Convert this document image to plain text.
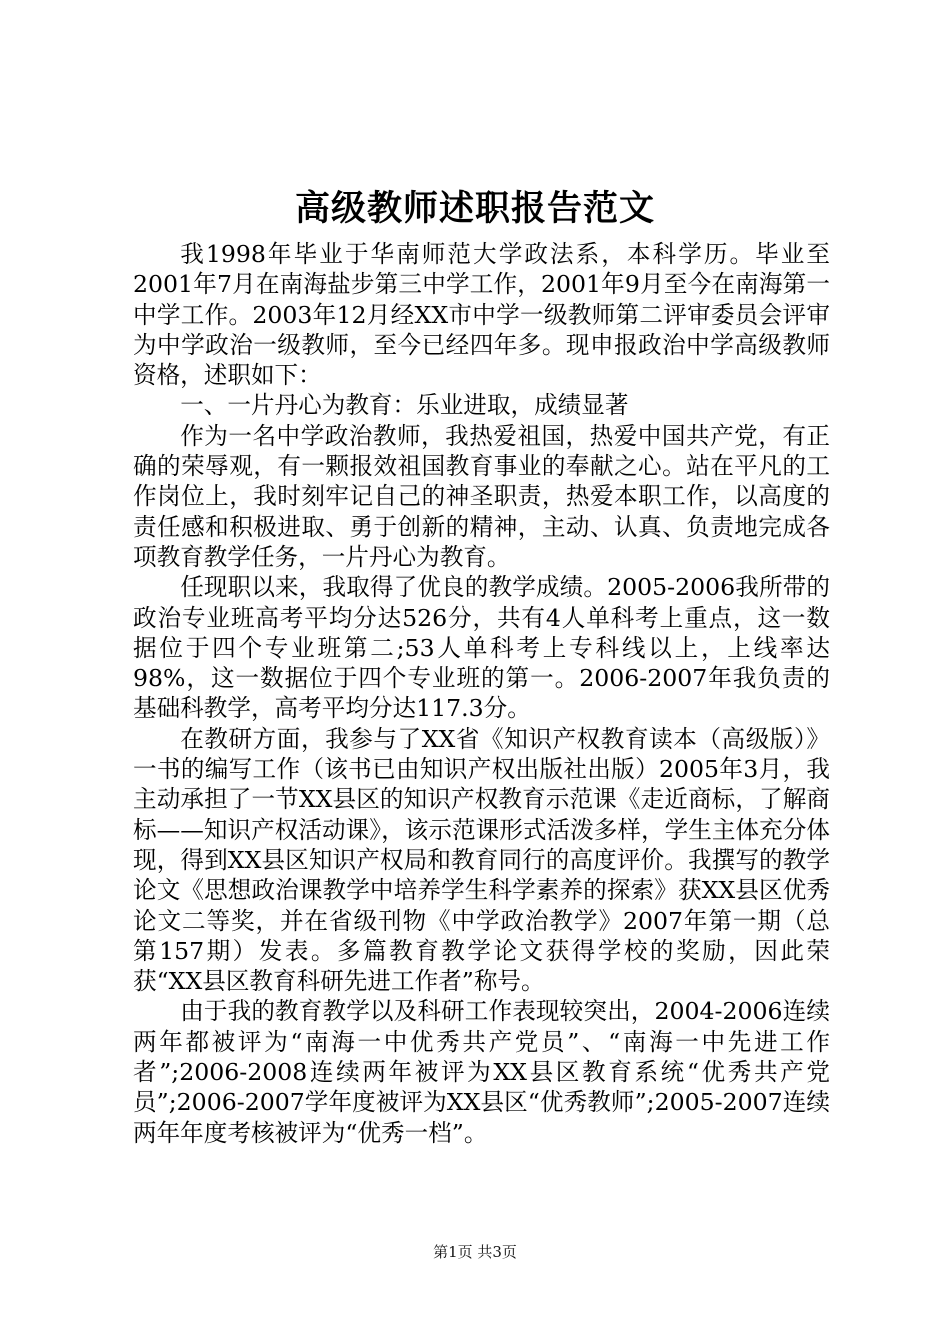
高级教师述职报告范文

我1998年毕业于华南师范大学政法系，本科学历。毕业至2001年7月在南海盐步第三中学工作，2001年9月至今在南海第一中学工作。2003年12月经XX市中学一级教师第二评审委员会评审为中学政治一级教师，至今已经四年多。现申报政治中学高级教师资格，述职如下：

一、一片丹心为教育：乐业进取，成绩显著

作为一名中学政治教师，我热爱祖国，热爱中国共产党，有正确的荣辱观，有一颗报效祖国教育事业的奉献之心。站在平凡的工作岗位上，我时刻牢记自己的神圣职责，热爱本职工作，以高度的责任感和积极进取、勇于创新的精神，主动、认真、负责地完成各项教育教学任务，一片丹心为教育。

任现职以来，我取得了优良的教学成绩。2005-2006我所带的政治专业班高考平均分达526分，共有4人单科考上重点，这一数据位于四个专业班第二;53人单科考上专科线以上，上线率达98%，这一数据位于四个专业班的第一。2006-2007年我负责的基础科教学，高考平均分达117.3分。

在教研方面，我参与了XX省《知识产权教育读本（高级版）》一书的编写工作（该书已由知识产权出版社出版）2005年3月，我主动承担了一节XX县区的知识产权教育示范课《走近商标，了解商标——知识产权活动课》，该示范课形式活泼多样，学生主体充分体现，得到XX县区知识产权局和教育同行的高度评价。我撰写的教学论文《思想政治课教学中培养学生科学素养的探索》获XX县区优秀论文二等奖，并在省级刊物《中学政治教学》2007年第一期（总第157期）发表。多篇教育教学论文获得学校的奖励，因此荣获“XX县区教育科研先进工作者”称号。

由于我的教育教学以及科研工作表现较突出，2004-2006连续两年都被评为“南海一中优秀共产党员”、“南海一中先进工作者”;2006-2008连续两年被评为XX县区教育系统“优秀共产党员”;2006-2007学年度被评为XX县区“优秀教师”;2005-2007连续两年年度考核被评为“优秀一档”。

第1页 共3页
